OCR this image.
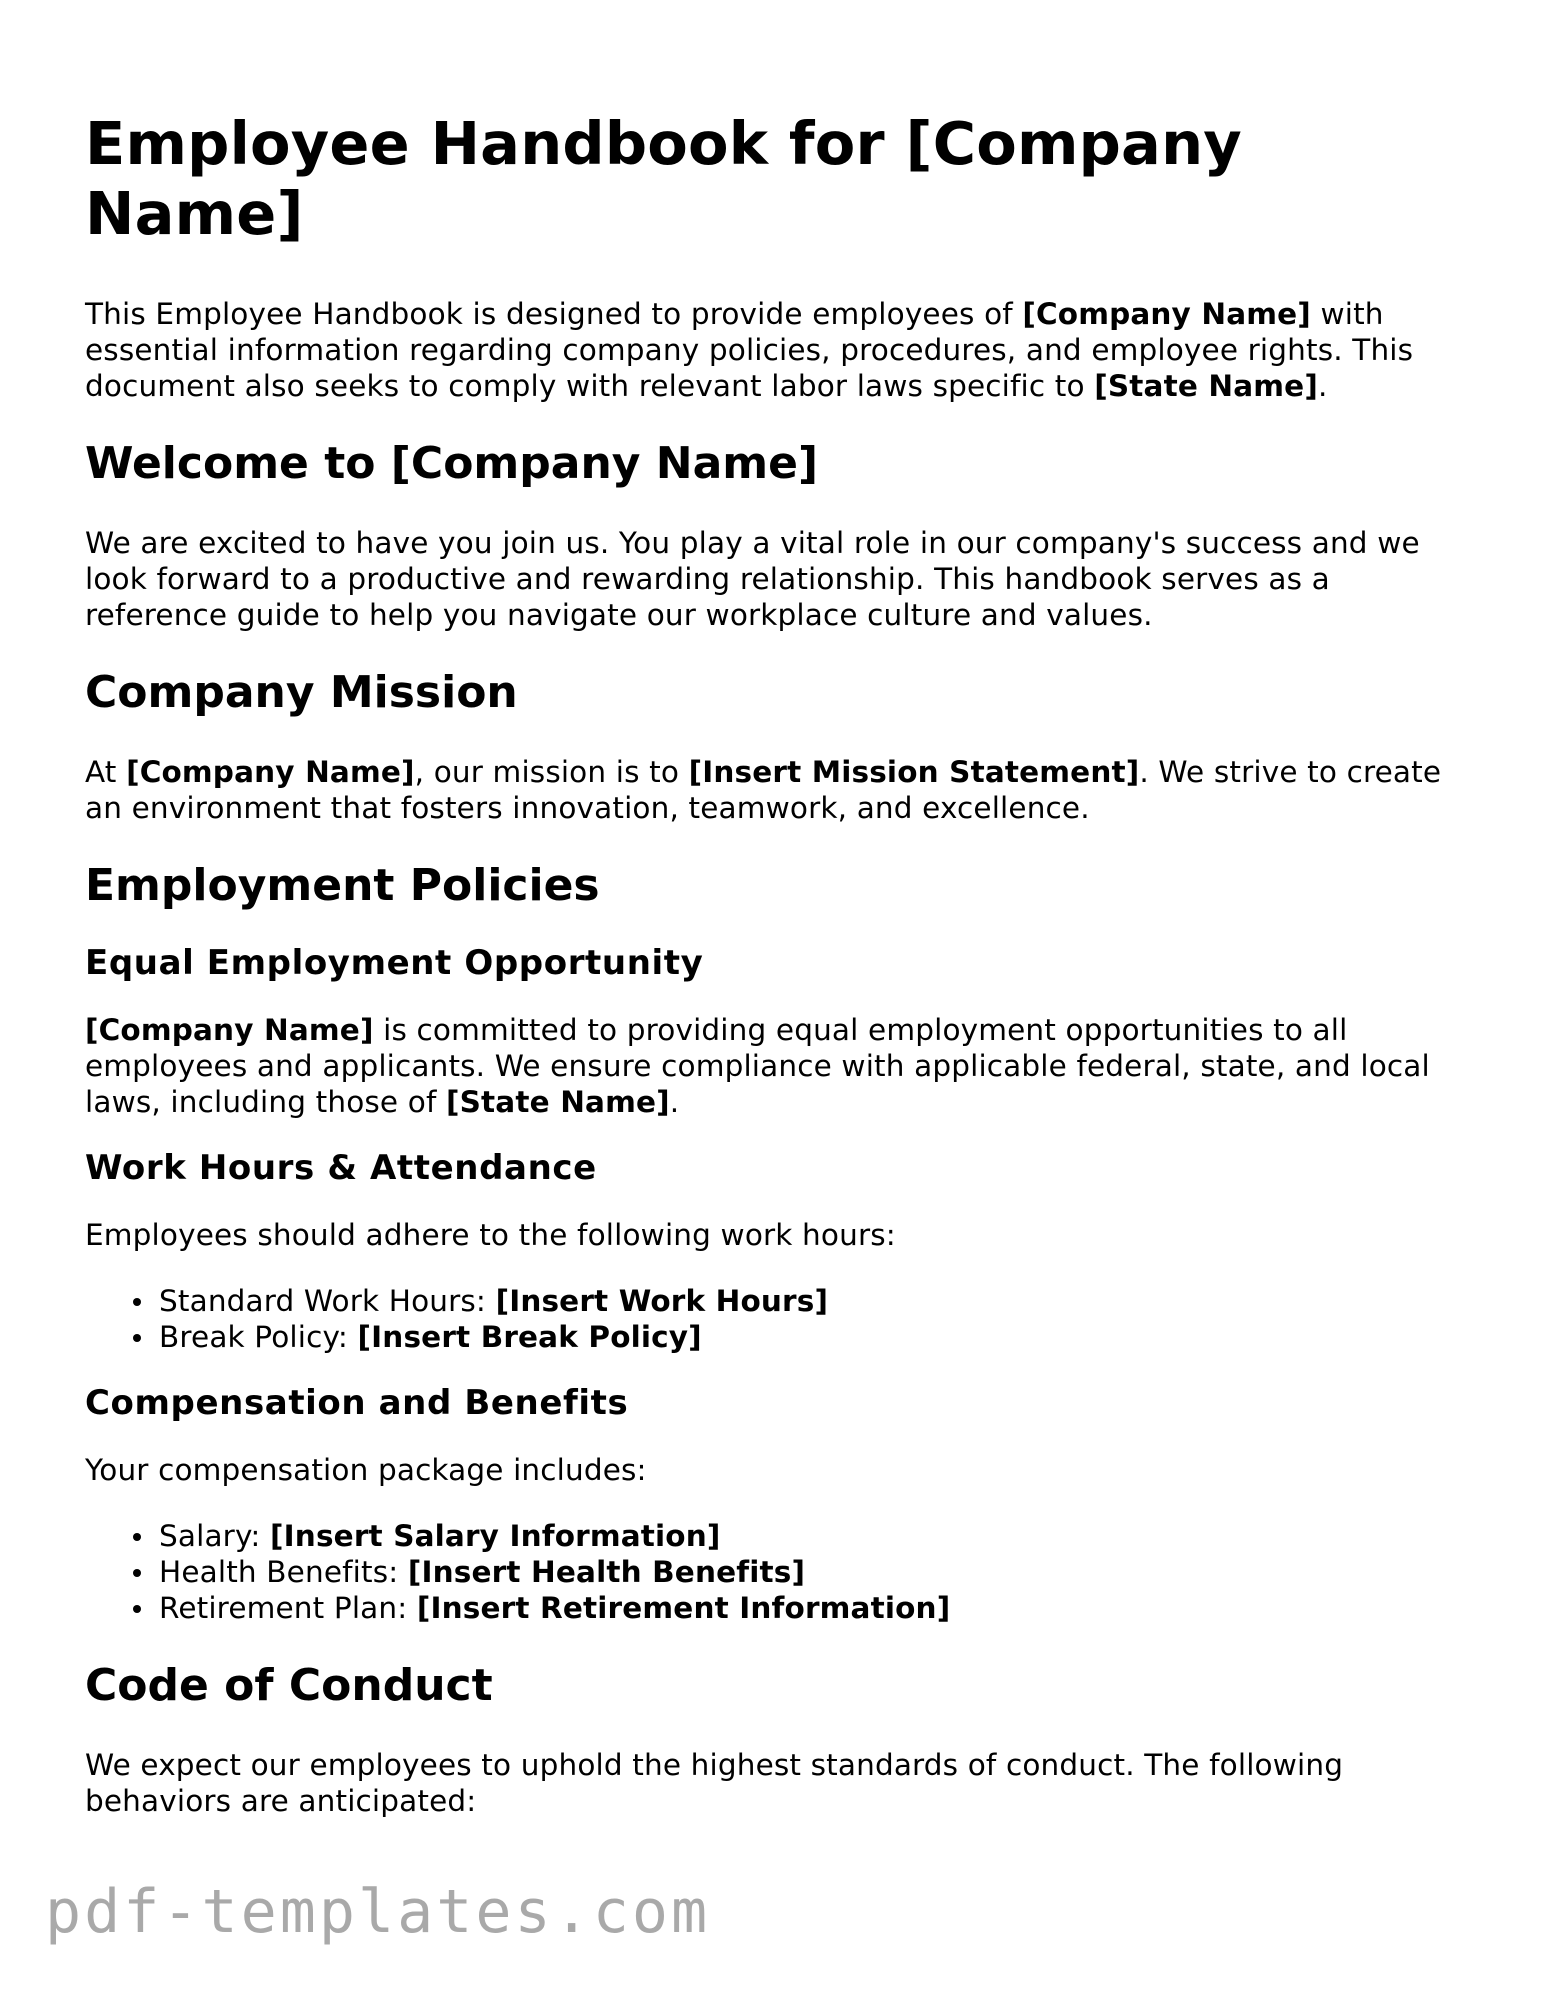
Employee Handbook for [Company Name]

This Employee Handbook is designed to provide employees of [Company Name] with essential information regarding company policies, procedures, and employee rights. This document also seeks to comply with relevant labor laws specific to [State Name].

Welcome to [Company Name]

We are excited to have you join us. You play a vital role in our company's success and we look forward to a productive and rewarding relationship. This handbook serves as a reference guide to help you navigate our workplace culture and values.

Company Mission

At [Company Name], our mission is to [Insert Mission Statement]. We strive to create an environment that fosters innovation, teamwork, and excellence.

Employment Policies
Equal Employment Opportunity

[Company Name] is committed to providing equal employment opportunities to all employees and applicants. We ensure compliance with applicable federal, state, and local laws, including those of [State Name].

Work Hours & Attendance

Employees should adhere to the following work hours:

Standard Work Hours: [Insert Work Hours]
Break Policy: [Insert Break Policy]
Compensation and Benefits

Your compensation package includes:

Salary: [Insert Salary Information]
Health Benefits: [Insert Health Benefits]
Retirement Plan: [Insert Retirement Information]
Code of Conduct

We expect our employees to uphold the highest standards of conduct. The following behaviors are anticipated:

pdf-templates.com
